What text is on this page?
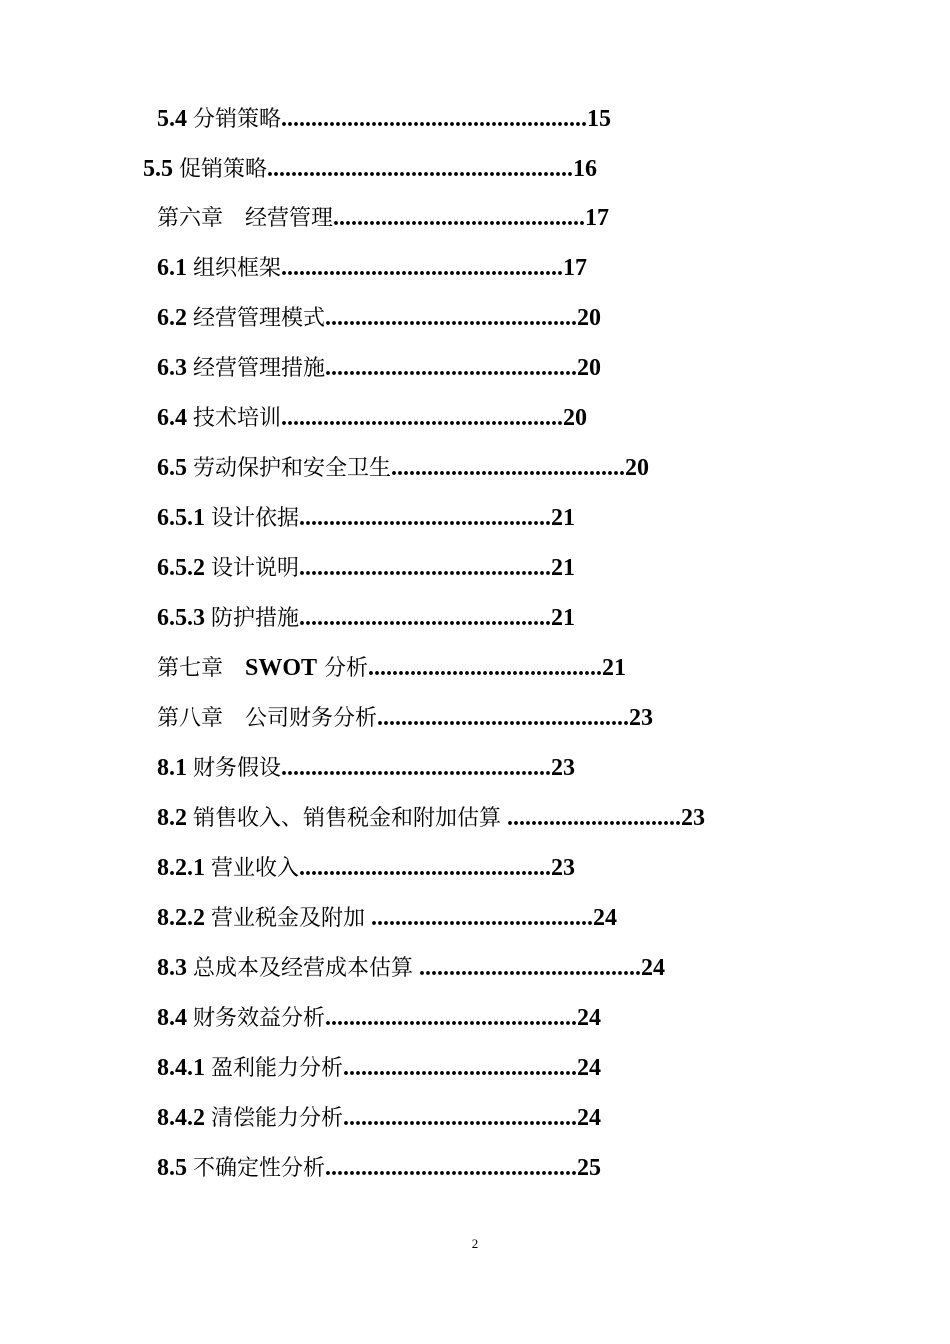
5.4 分销策略...................................................15
5.5 促销策略...................................................16
第六章　经营管理..........................................17
6.1 组织框架...............................................17
6.2 经营管理模式..........................................20
6.3 经营管理措施..........................................20
6.4 技术培训...............................................20
6.5 劳动保护和安全卫生.......................................20
6.5.1 设计依据..........................................21
6.5.2 设计说明..........................................21
6.5.3 防护措施..........................................21
第七章　SWOT 分析.......................................21
第八章　公司财务分析..........................................23
8.1 财务假设.............................................23
8.2 销售收入、销售税金和附加估算 .............................23
8.2.1 营业收入..........................................23
8.2.2 营业税金及附加 .....................................24
8.3 总成本及经营成本估算 .....................................24
8.4 财务效益分析..........................................24
8.4.1 盈利能力分析.......................................24
8.4.2 清偿能力分析.......................................24
8.5 不确定性分析..........................................25
2
